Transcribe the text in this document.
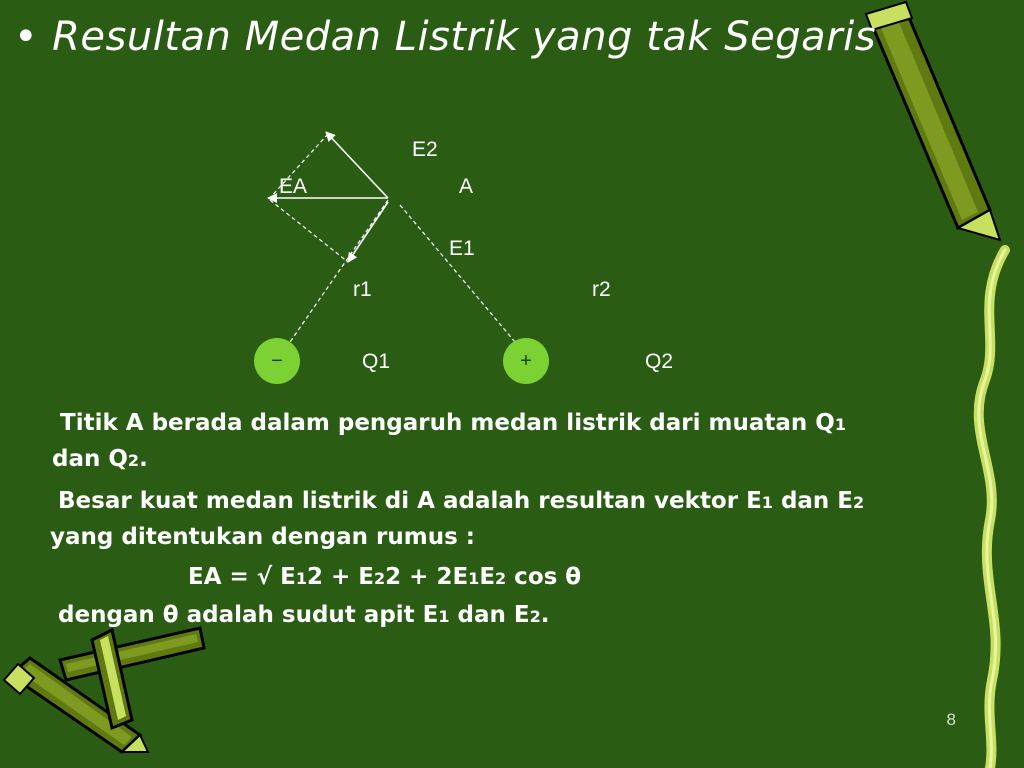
• Resultan Medan Listrik yang tak Segaris
E2
EA	A
E1
r1	r2
−	Q1	+	Q2
Titik A berada dalam pengaruh medan listrik dari muatan Q1
dan Q2.
Besar kuat medan listrik di A adalah resultan vektor E1 dan E2
yang ditentukan dengan rumus :
EA = √ E12 + E22 + 2E1E2 cos θ
dengan θ adalah sudut apit E1 dan E2.
8
